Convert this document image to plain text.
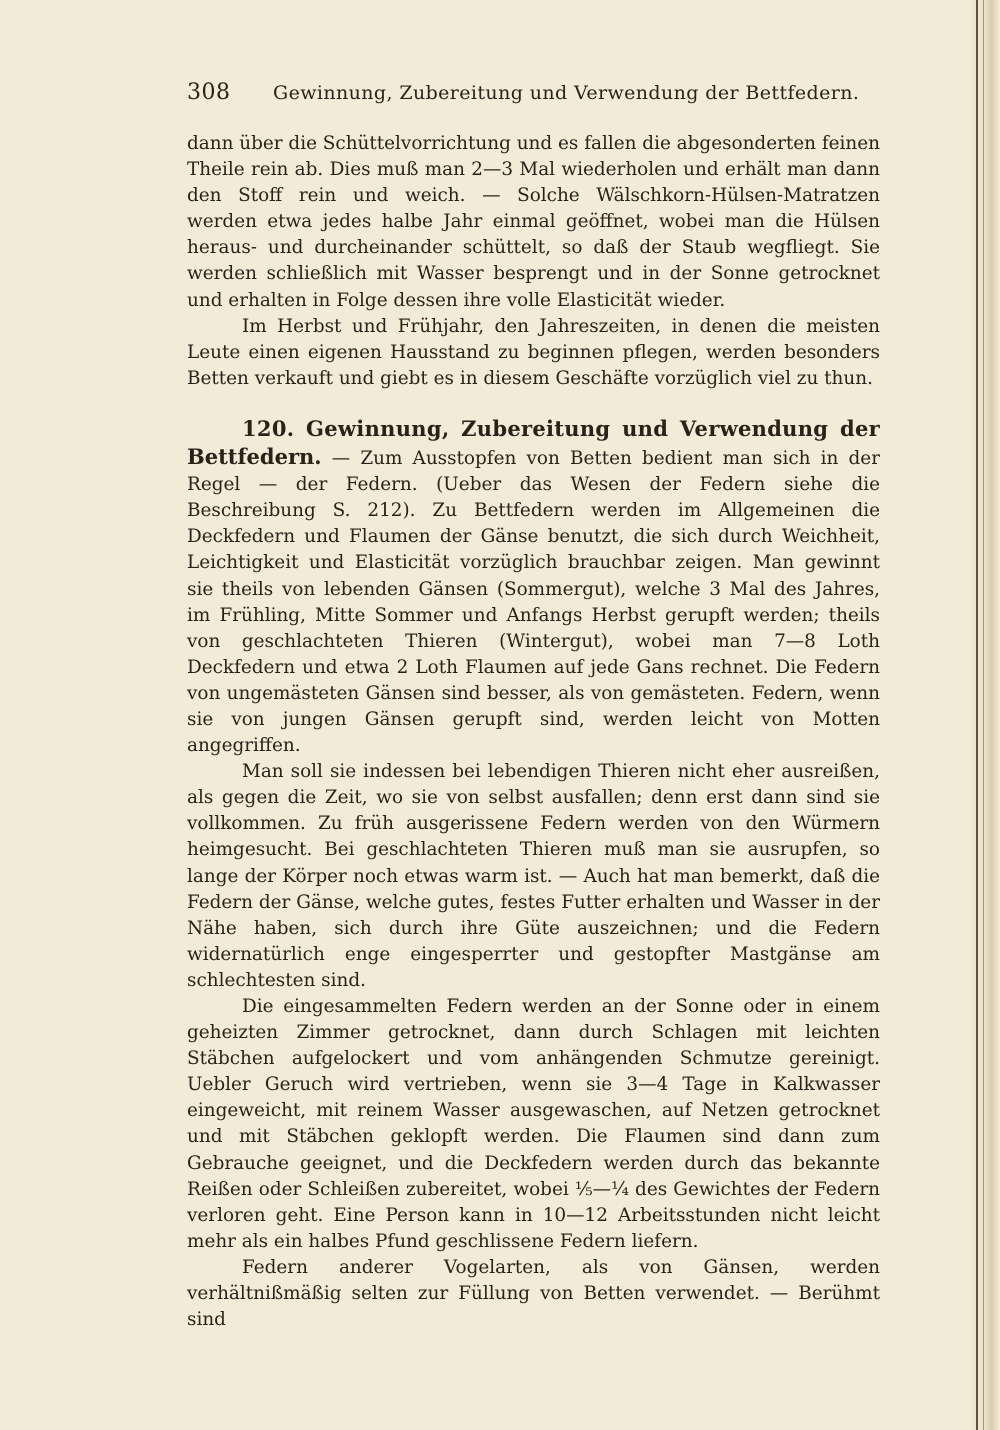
308 Gewinnung, Zubereitung und Verwendung der Bettfedern.

dann über die Schüttelvorrichtung und es fallen die abgesonderten feinen Theile rein ab. Dies muß man 2—3 Mal wiederholen und erhält man dann den Stoff rein und weich. — Solche Wälschkorn-Hülsen-Matratzen werden etwa jedes halbe Jahr einmal geöffnet, wobei man die Hülsen heraus- und durcheinander schüttelt, so daß der Staub wegfliegt. Sie werden schließlich mit Wasser besprengt und in der Sonne getrocknet und erhalten in Folge dessen ihre volle Elasticität wieder.

Im Herbst und Frühjahr, den Jahreszeiten, in denen die meisten Leute einen eigenen Hausstand zu beginnen pflegen, werden besonders Betten verkauft und giebt es in diesem Geschäfte vorzüglich viel zu thun.

120. Gewinnung, Zubereitung und Verwendung der Bettfedern. — Zum Ausstopfen von Betten bedient man sich in der Regel — der Federn. (Ueber das Wesen der Federn siehe die Beschreibung S. 212). Zu Bettfedern werden im Allgemeinen die Deckfedern und Flaumen der Gänse benutzt, die sich durch Weichheit, Leichtigkeit und Elasticität vorzüglich brauchbar zeigen. Man gewinnt sie theils von lebenden Gänsen (Sommergut), welche 3 Mal des Jahres, im Frühling, Mitte Sommer und Anfangs Herbst gerupft werden; theils von geschlachteten Thieren (Wintergut), wobei man 7—8 Loth Deckfedern und etwa 2 Loth Flaumen auf jede Gans rechnet. Die Federn von ungemästeten Gänsen sind besser, als von gemästeten. Federn, wenn sie von jungen Gänsen gerupft sind, werden leicht von Motten angegriffen.

Man soll sie indessen bei lebendigen Thieren nicht eher ausreißen, als gegen die Zeit, wo sie von selbst ausfallen; denn erst dann sind sie vollkommen. Zu früh ausgerissene Federn werden von den Würmern heimgesucht. Bei geschlachteten Thieren muß man sie ausrupfen, so lange der Körper noch etwas warm ist. — Auch hat man bemerkt, daß die Federn der Gänse, welche gutes, festes Futter erhalten und Wasser in der Nähe haben, sich durch ihre Güte auszeichnen; und die Federn widernatürlich enge eingesperrter und gestopfter Mastgänse am schlechtesten sind.

Die eingesammelten Federn werden an der Sonne oder in einem geheizten Zimmer getrocknet, dann durch Schlagen mit leichten Stäbchen aufgelockert und vom anhängenden Schmutze gereinigt. Uebler Geruch wird vertrieben, wenn sie 3—4 Tage in Kalkwasser eingeweicht, mit reinem Wasser ausgewaschen, auf Netzen getrocknet und mit Stäbchen geklopft werden. Die Flaumen sind dann zum Gebrauche geeignet, und die Deckfedern werden durch das bekannte Reißen oder Schleißen zubereitet, wobei ⅕—¼ des Gewichtes der Federn verloren geht. Eine Person kann in 10—12 Arbeitsstunden nicht leicht mehr als ein halbes Pfund geschlissene Federn liefern.

Federn anderer Vogelarten, als von Gänsen, werden verhältnißmäßig selten zur Füllung von Betten verwendet. — Berühmt sind
